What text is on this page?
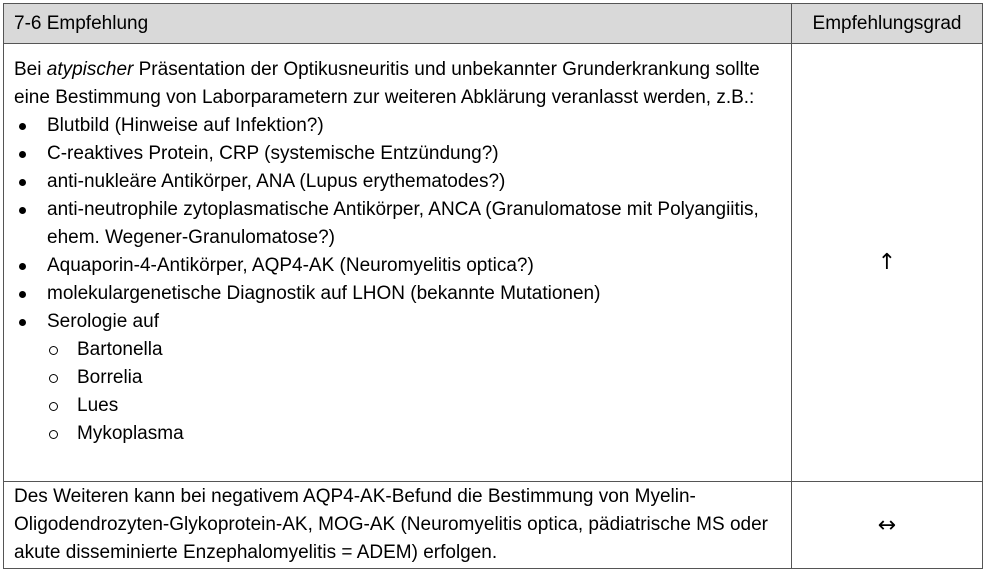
7-6 Empfehlung	Empfehlungsgrad
Bei atypischer Präsentation der Optikusneuritis und unbekannter Grunderkrankung sollte eine Bestimmung von Laborparametern zur weiteren Abklärung veranlasst werden, z.B.:
Blutbild (Hinweise auf Infektion?)
C-reaktives Protein, CRP (systemische Entzündung?)
anti-nukleäre Antikörper, ANA (Lupus erythematodes?)
anti-neutrophile zytoplasmatische Antikörper, ANCA (Granulomatose mit Polyangiitis, ehem. Wegener-Granulomatose?)
Aquaporin-4-Antikörper, AQP4-AK (Neuromyelitis optica?)
molekulargenetische Diagnostik auf LHON (bekannte Mutationen)
Serologie auf
Bartonella
Borrelia
Lues
Mykoplasma
↑
Des Weiteren kann bei negativem AQP4-AK-Befund die Bestimmung von Myelin-Oligodendrozyten-Glykoprotein-AK, MOG-AK (Neuromyelitis optica, pädiatrische MS oder akute disseminierte Enzephalomyelitis = ADEM) erfolgen.
↔
